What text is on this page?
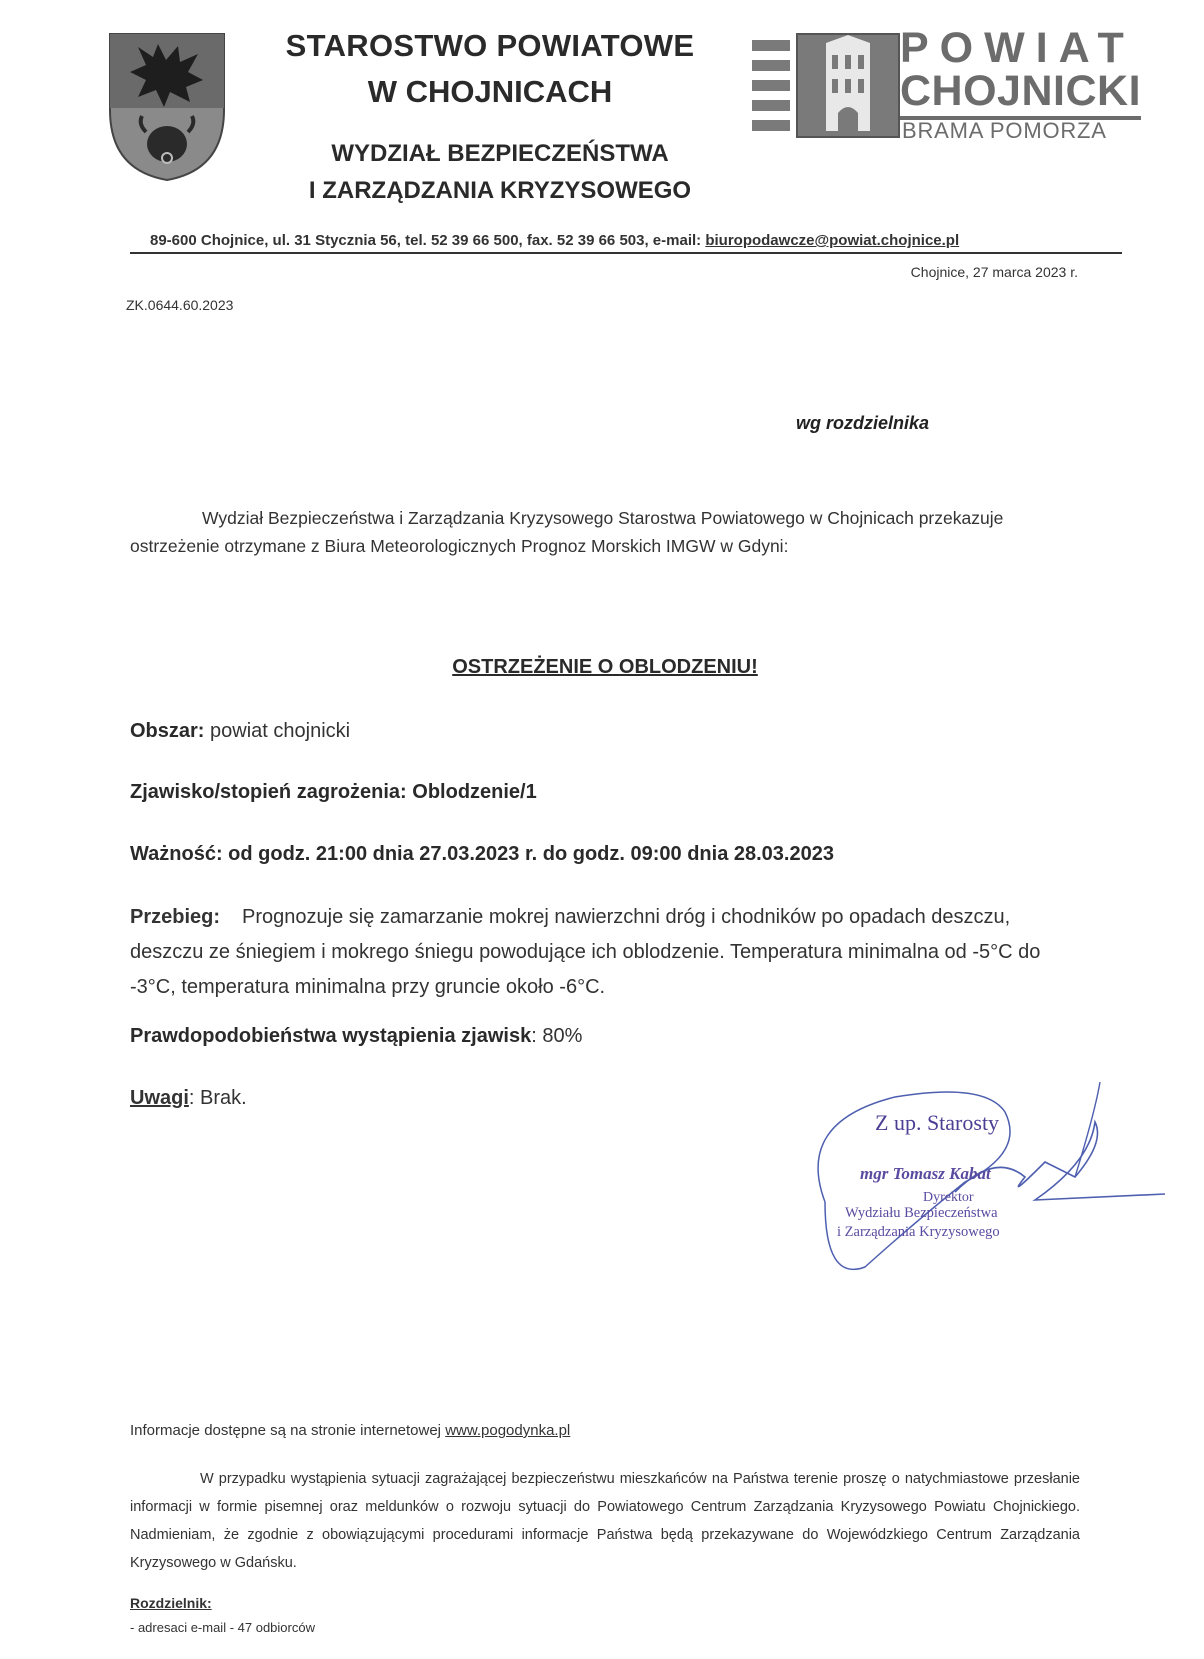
STAROSTWO POWIATOWE
W CHOJNICACH
WYDZIAŁ BEZPIECZEŃSTWA
I ZARZĄDZANIA KRYZYSOWEGO
POWIAT
CHOJNICKI
BRAMA POMORZA
89-600 Chojnice, ul. 31 Stycznia 56, tel. 52 39 66 500, fax. 52 39 66 503, e-mail: biuropodawcze@powiat.chojnice.pl
Chojnice, 27 marca 2023 r.
ZK.0644.60.2023
wg rozdzielnika
Wydział Bezpieczeństwa i Zarządzania Kryzysowego Starostwa Powiatowego w Chojnicach przekazuje ostrzeżenie otrzymane z Biura Meteorologicznych Prognoz Morskich IMGW w Gdyni:
OSTRZEŻENIE O OBLODZENIU!
Obszar: powiat chojnicki
Zjawisko/stopień zagrożenia: Oblodzenie/1
Ważność: od godz. 21:00 dnia 27.03.2023 r. do godz. 09:00 dnia 28.03.2023
Przebieg: Prognozuje się zamarzanie mokrej nawierzchni dróg i chodników po opadach deszczu, deszczu ze śniegiem i mokrego śniegu powodujące ich oblodzenie. Temperatura minimalna od -5°C do -3°C, temperatura minimalna przy gruncie około -6°C.
Prawdopodobieństwa wystąpienia zjawisk: 80%
Uwagi: Brak.
Z up. Starosty
mgr Tomasz Kabat
Dyrektor
Wydziału Bezpieczeństwa
i Zarządzania Kryzysowego
Informacje dostępne są na stronie internetowej www.pogodynka.pl
W przypadku wystąpienia sytuacji zagrażającej bezpieczeństwu mieszkańców na Państwa terenie proszę o natychmiastowe przesłanie informacji w formie pisemnej oraz meldunków o rozwoju sytuacji do Powiatowego Centrum Zarządzania Kryzysowego Powiatu Chojnickiego. Nadmieniam, że zgodnie z obowiązującymi procedurami informacje Państwa będą przekazywane do Wojewódzkiego Centrum Zarządzania Kryzysowego w Gdańsku.
Rozdzielnik:
- adresaci e-mail - 47 odbiorców
